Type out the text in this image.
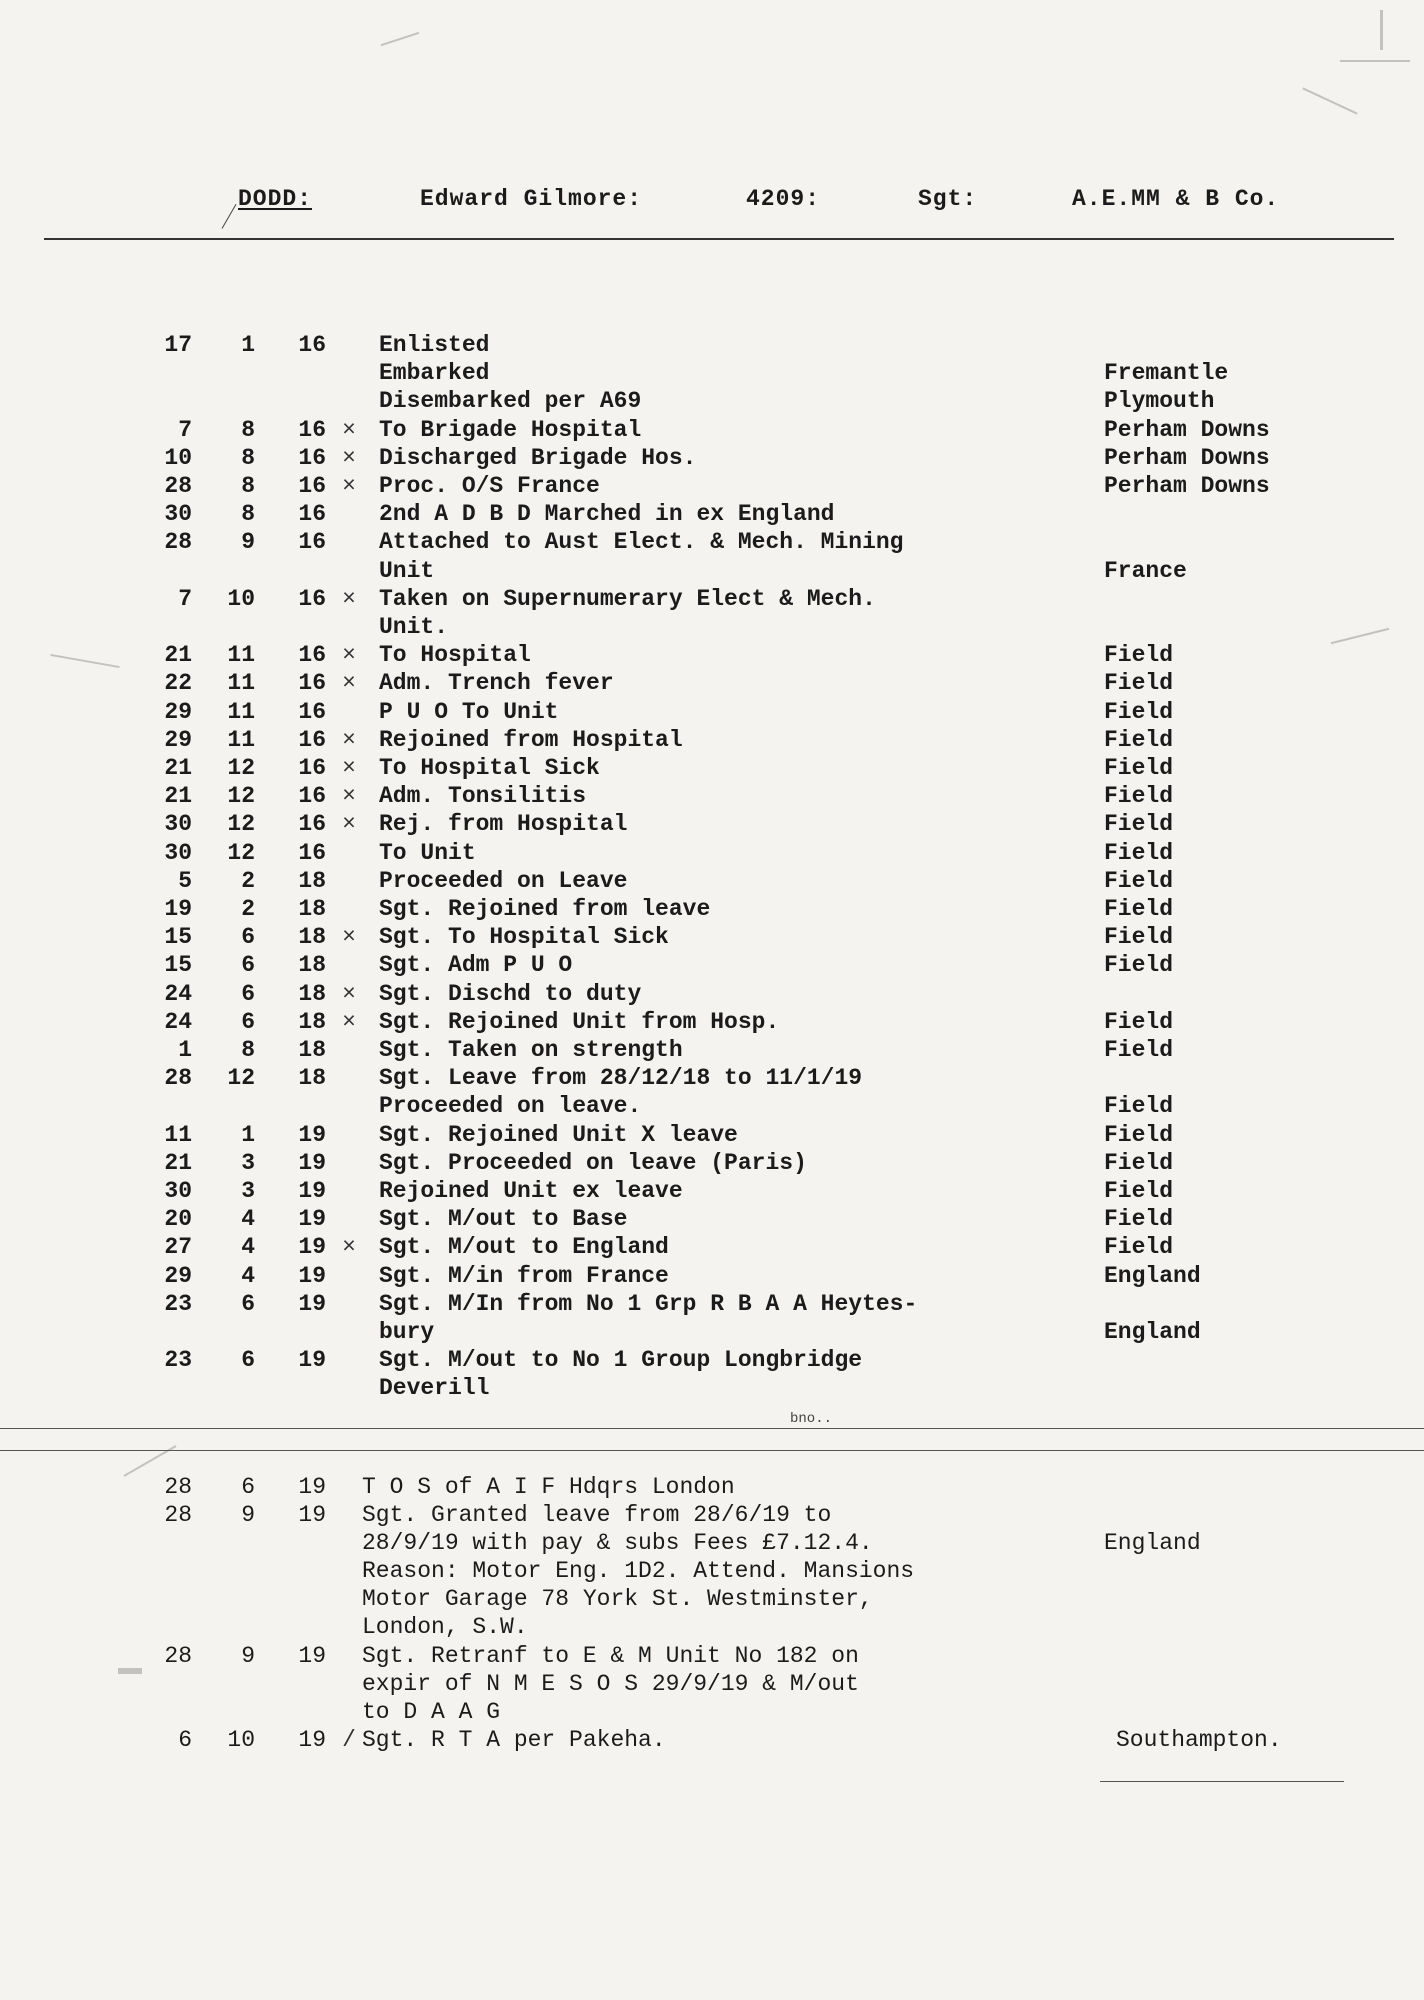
DODD:	Edward Gilmore:	4209:	Sgt:	A.E.MM & B Co.
17	1	16 Enlisted
Embarked	Fremantle
Disembarked per A69	Plymouth
7	8	16 × To Brigade Hospital	Perham Downs
10	8	16 × Discharged Brigade Hos.	Perham Downs
28	8	16 × Proc. O/S France	Perham Downs
30	8	16 2nd A D B D Marched in ex England
28	9	16 Attached to Aust Elect. & Mech. Mining
Unit	France
7	10	16 × Taken on Supernumerary Elect & Mech.
Unit.
21	11	16 × To Hospital	Field
22	11	16 × Adm. Trench fever	Field
29	11	16 P U O To Unit	Field
29	11	16 × Rejoined from Hospital	Field
21	12	16 × To Hospital Sick	Field
21	12	16 × Adm. Tonsilitis	Field
30	12	16 × Rej. from Hospital	Field
30	12	16 To Unit	Field
5	2	18 Proceeded on Leave	Field
19	2	18 Sgt. Rejoined from leave	Field
15	6	18 × Sgt. To Hospital Sick	Field
15	6	18 Sgt. Adm P U O	Field
24	6	18 × Sgt. Dischd to duty
24	6	18 × Sgt. Rejoined Unit from Hosp.	Field
1	8	18 Sgt. Taken on strength	Field
28	12	18 Sgt. Leave from 28/12/18 to 11/1/19
Proceeded on leave.	Field
11	1	19 Sgt. Rejoined Unit X leave	Field
21	3	19 Sgt. Proceeded on leave (Paris)	Field
30	3	19 Rejoined Unit ex leave	Field
20	4	19 Sgt. M/out to Base	Field
27	4	19 × Sgt. M/out to England	Field
29	4	19 Sgt. M/in from France	England
23	6	19 Sgt. M/In from No 1 Grp R B A A Heytes-
bury	England
23	6	19 Sgt. M/out to No 1 Group Longbridge
Deverill
bno..
28	6	19 T O S of A I F Hdqrs London
28	9	19 Sgt. Granted leave from 28/6/19 to
28/9/19 with pay & subs Fees £7.12.4.
Reason: Motor Eng. 1D2. Attend. Mansions
Motor Garage 78 York St. Westminster,
London, S.W.
England
28	9	19 Sgt. Retranf to E & M Unit No 182 on
expir of N M E S O S 29/9/19 & M/out
to D A A G
6	10	19 / Sgt. R T A per Pakeha.	Southampton.
